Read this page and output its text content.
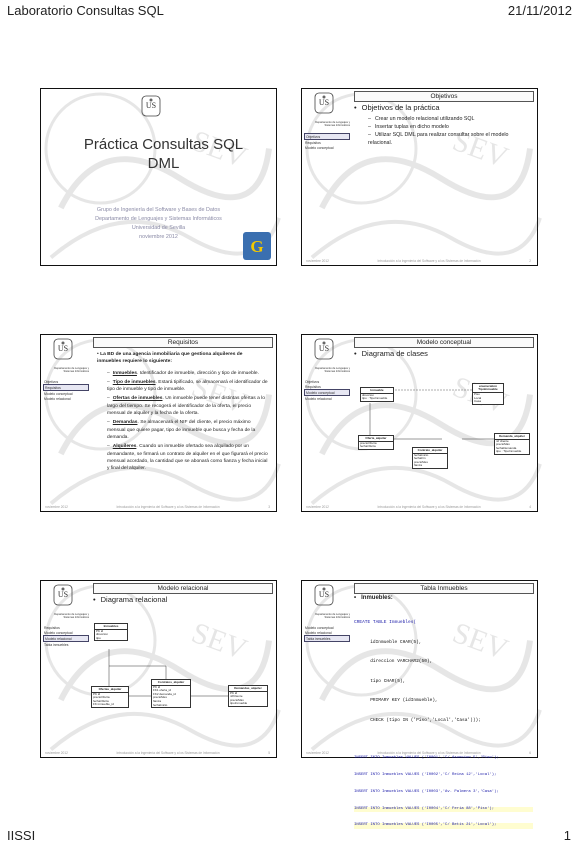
Laboratorio Consultas SQL	21/11/2012
Práctica Consultas SQL
DML
Grupo de Ingeniería del Software y Bases de Datos
Departamento de Lenguajes y Sistemas Informáticos
Universidad de Sevilla
noviembre 2012	G
Departamento de Lenguajes y Sistemas Informáticos
Objetivos
Requisitos
Modelo conceptual
Objetivos
• Objetivos de la práctica
– Crear un modelo relacional utilizando SQL
– Insertar tuplas en dicho modelo
– Utilizar SQL DML para realizar consultar sobre el modelo relacional.
noviembre 2012	Introducción a la Ingeniería del Software y a los Sistemas de Información	2
Departamento de Lenguajes y Sistemas Informáticos
Objetivos
Requisitos
Modelo conceptual
Modelo relacional
Requisitos
• La BD de una agencia inmobiliaria que gestiona alquileres de inmuebles requiere lo siguiente:
– Inmuebles. Identificador de inmueble, dirección y tipo de inmueble.
– Tipo de inmuebles. Estará tipificado, se almacenará el identificador de tipo de inmueble y tipo de inmueble.
– Ofertas de inmuebles. Un inmueble puede tener distintas ofertas a lo largo del tiempo. Se recogerá el identificador de la oferta, el precio mensual de alquiler y la fecha de la oferta.
– Demandas. Se almacenará el NIF del cliente, el precio máximo mensual que quiere pagar, tipo de inmueble que busca y fecha de la demanda.
– Alquileres. Cuando un inmueble ofertado sea alquilado por un demandante, se firmará un contrato de alquiler en el que figurará el precio mensual acordado, la cantidad que se abonará como fianza y fecha inicial y final del alquiler.
noviembre 2012	Introducción a la Ingeniería del Software y a los Sistemas de Información	3
Departamento de Lenguajes y Sistemas Informáticos
Objetivos
Requisitos
Modelo conceptual
Modelo relacional
Modelo conceptual
• Diagrama de clases
Inmueble
direccion
tipo : TipoInmueble
enumeration TipoInmueble
Piso
Local
Casa
Oferta_alquiler
precioOferta
fechaOferta
Demanda_alquiler
nif cliente
precioMax
fechaDemanda
tipo : TipoInmueble
Contrato_alquiler
fechaInicio
fechaFin
precioMes
fianza
noviembre 2012	Introducción a la Ingeniería del Software y a los Sistemas de Información	4
Departamento de Lenguajes y Sistemas Informáticos
Requisitos
Modelo conceptual
Modelo relacional
Tabla inmuebles
Modelo relacional
• Diagrama relacional
Inmuebles
PK id
direccion
tipo
Ofertas_alquiler
PK id
precioOferta
fechaOferta
FK inmueble_id
Contratos_alquiler
PK id
FK1 oferta_id
FK2 demanda_id
precioMes
fianza
fechaInicio
Demandas_alquiler
PK id
nifCliente
precioMax
tipoInmueble
noviembre 2012	Introducción a la Ingeniería del Software y a los Sistemas de Información	5
Departamento de Lenguajes y Sistemas Informáticos
Modelo conceptual
Modelo relacional
Tabla inmuebles
Tabla Inmuebles
• Inmuebles:

CREATE TABLE Inmuebles(

idInmueble CHAR(5),

direccion VARCHAR2(50),

tipo CHAR(5),

PRIMARY KEY (idInmueble),

CHECK (tipo IN ('Piso','Local','Casa')));

INSERT INTO Inmuebles VALUES ('I0001','C/ Asuncion 5','Piso');

INSERT INTO Inmuebles VALUES ('I0002','C/ Reina 12','Local');

INSERT INTO Inmuebles VALUES ('I0003','Av. Palmera 3','Casa');

INSERT INTO Inmuebles VALUES ('I0004','C/ Feria 88','Piso');

INSERT INTO Inmuebles VALUES ('I0005','C/ Betis 21','Local');

noviembre 2012	Introducción a la Ingeniería del Software y a los Sistemas de Información	6
IISSI	1
